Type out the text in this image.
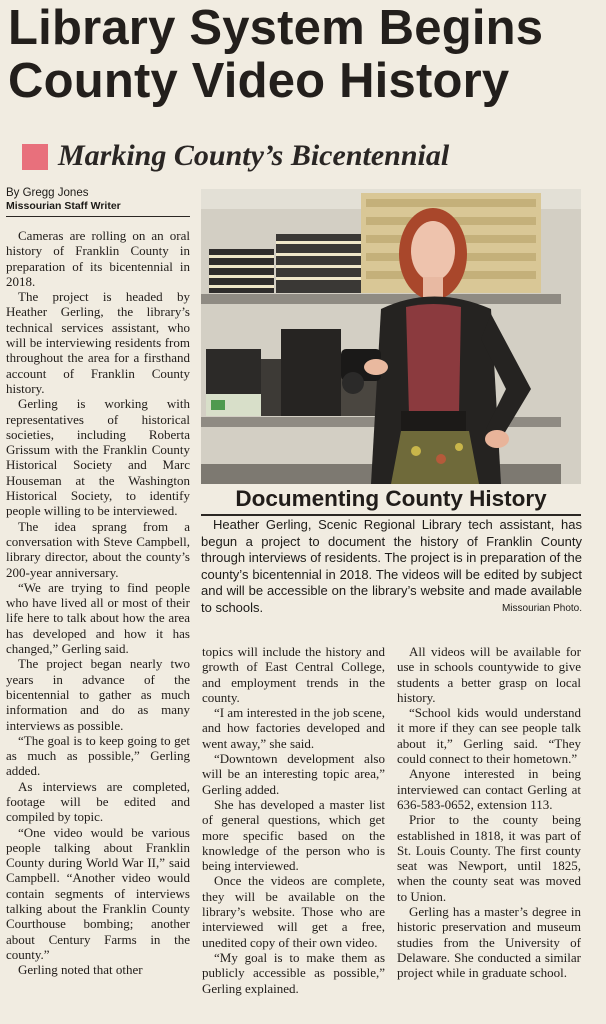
Library System Begins County Video History
Marking County’s Bicentennial
By Gregg Jones
Missourian Staff Writer

Cameras are rolling on an oral history of Franklin County in preparation of its bicentennial in 2018.

The project is headed by Heather Gerling, the library’s technical services assistant, who will be interviewing residents from throughout the area for a firsthand account of Franklin County history.

Gerling is working with representatives of historical societies, including Roberta Grissum with the Franklin County Historical Society and Marc Houseman at the Washington Historical Society, to identify people willing to be interviewed.

The idea sprang from a conversation with Steve Campbell, library director, about the county’s 200-year anniversary.

“We are trying to find people who have lived all or most of their life here to talk about how the area has developed and how it has changed,” Gerling said.

The project began nearly two years in advance of the bicentennial to gather as much information and do as many interviews as possible.

“The goal is to keep going to get as much as possible,” Gerling added.

As interviews are completed, footage will be edited and compiled by topic.

“One video would be various people talking about Franklin County during World War II,” said Campbell. “Another video would contain segments of interviews talking about the Franklin County Courthouse bombing; another about Century Farms in the county.”

Gerling noted that other

Documenting County History
Heather Gerling, Scenic Regional Library tech assistant, has begun a project to document the history of Franklin County through interviews of residents. The project is in preparation of the county’s bicentennial in 2018. The videos will be edited by subject and will be accessible on the library’s website and made available to schools.	Missourian Photo.

topics will include the history and growth of East Central College, and employment trends in the county.

“I am interested in the job scene, and how factories developed and went away,” she said.

“Downtown development also will be an interesting topic area,” Gerling added.

She has developed a master list of general questions, which get more specific based on the knowledge of the person who is being interviewed.

Once the videos are complete, they will be available on the library’s website. Those who are interviewed will get a free, unedited copy of their own video.

“My goal is to make them as publicly accessible as possible,” Gerling explained.

All videos will be available for use in schools countywide to give students a better grasp on local history.

“School kids would understand it more if they can see people talk about it,” Gerling said. “They could connect to their hometown.”

Anyone interested in being interviewed can contact Gerling at 636-583-0652, extension 113.

Prior to the county being established in 1818, it was part of St. Louis County. The first county seat was Newport, until 1825, when the county seat was moved to Union.

Gerling has a master’s degree in historic preservation and museum studies from the University of Delaware. She conducted a similar project while in graduate school.
